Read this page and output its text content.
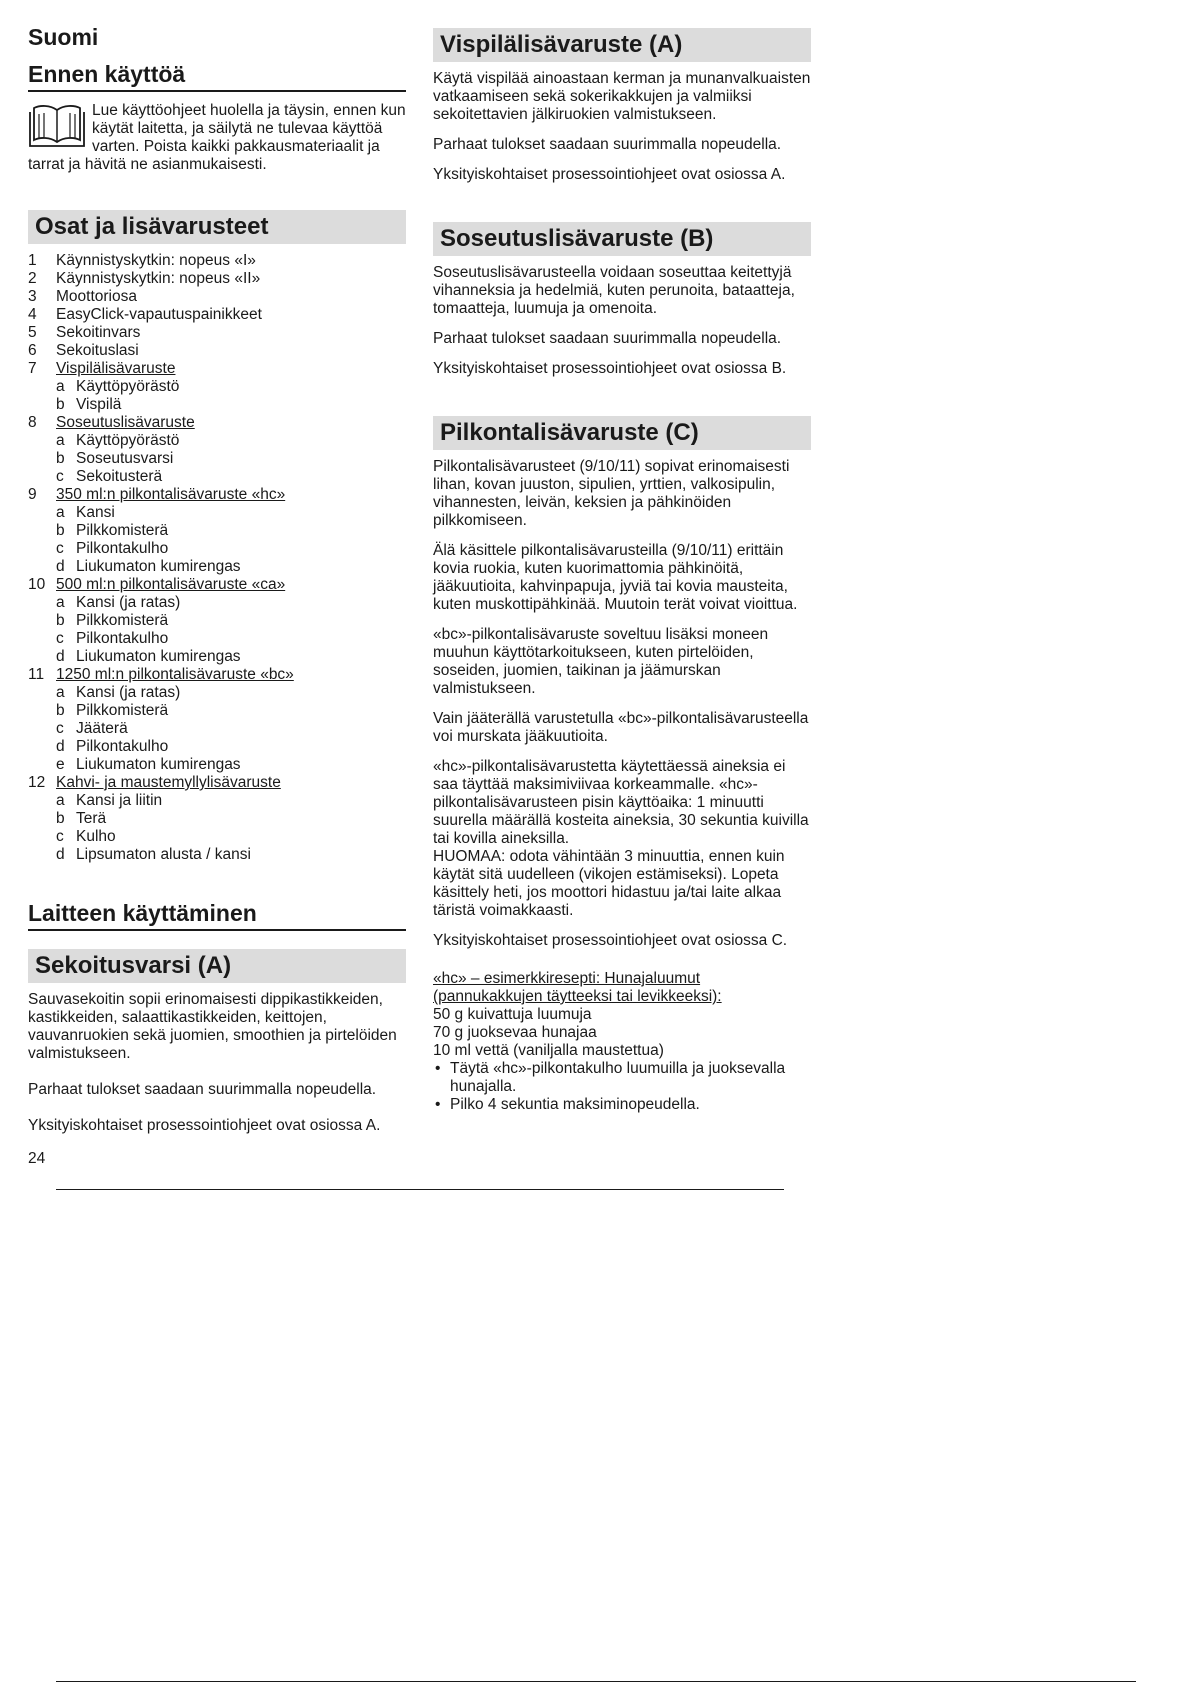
Suomi
Ennen käyttöä
Lue käyttöohjeet huolella ja täysin, ennen kun käytät laitetta, ja säilytä ne tulevaa käyttöä varten. Poista kaikki pakkausmateriaalit ja tarrat ja hävitä ne asianmukaisesti.
Osat ja lisävarusteet
1	Käynnistyskytkin: nopeus «I»
2	Käynnistyskytkin: nopeus «II»
3	Moottoriosa
4	EasyClick-vapautuspainikkeet
5	Sekoitinvars
6	Sekoituslasi
7	Vispilälisävaruste
a Käyttöpyörästö
b Vispilä
8	Soseutuslisävaruste
a Käyttöpyörästö
b Soseutusvarsi
c Sekoitusterä
9	350 ml:n pilkontalisävaruste «hc»
a Kansi
b Pilkkomisterä
c Pilkontakulho
d Liukumaton kumirengas
10 500 ml:n pilkontalisävaruste «ca»
a Kansi (ja ratas)
b Pilkkomisterä
c Pilkontakulho
d Liukumaton kumirengas
11 1250 ml:n pilkontalisävaruste «bc»
a Kansi (ja ratas)
b Pilkkomisterä
c Jääterä
d Pilkontakulho
e Liukumaton kumirengas
12 Kahvi- ja maustemyllylisävaruste
a Kansi ja liitin
b Terä
c Kulho
d Lipsumaton alusta / kansi
Laitteen käyttäminen
Sekoitusvarsi (A)

Sauvasekoitin sopii erinomaisesti dippikastikkeiden, kastikkeiden, salaattikastikkeiden, keittojen, vauvanruokien sekä juomien, smoothien ja pirtelöiden valmistukseen.

Parhaat tulokset saadaan suurimmalla nopeudella.

Yksityiskohtaiset prosessointiohjeet ovat osiossa A.

24
Vispilälisävaruste (A)

Käytä vispilää ainoastaan kerman ja munanvalkuaisten vatkaamiseen sekä sokerikakkujen ja valmiiksi sekoitettavien jälkiruokien valmistukseen.

Parhaat tulokset saadaan suurimmalla nopeudella.

Yksityiskohtaiset prosessointiohjeet ovat osiossa A.

Soseutuslisävaruste (B)

Soseutuslisävarusteella voidaan soseuttaa keitettyjä vihanneksia ja hedelmiä, kuten perunoita, bataatteja, tomaatteja, luumuja ja omenoita.

Parhaat tulokset saadaan suurimmalla nopeudella.

Yksityiskohtaiset prosessointiohjeet ovat osiossa B.

Pilkontalisävaruste (C)

Pilkontalisävarusteet (9/10/11) sopivat erinomaisesti lihan, kovan juuston, sipulien, yrttien, valkosipulin, vihannesten, leivän, keksien ja pähkinöiden pilkkomiseen.

Älä käsittele pilkontalisävarusteilla (9/10/11) erittäin kovia ruokia, kuten kuorimattomia pähkinöitä, jääkuutioita, kahvinpapuja, jyviä tai kovia mausteita, kuten muskottipähkinää. Muutoin terät voivat vioittua.

«bc»-pilkontalisävaruste soveltuu lisäksi moneen muuhun käyttötarkoitukseen, kuten pirtelöiden, soseiden, juomien, taikinan ja jäämurskan valmistukseen.

Vain jääterällä varustetulla «bc»-pilkontalisävarusteella voi murskata jääkuutioita.

«hc»-pilkontalisävarustetta käytettäessä aineksia ei saa täyttää maksimiviivaa korkeammalle. «hc»-pilkontalisävarusteen pisin käyttöaika: 1 minuutti suurella määrällä kosteita aineksia, 30 sekuntia kuivilla tai kovilla aineksilla.

HUOMAA: odota vähintään 3 minuuttia, ennen kuin käytät sitä uudelleen (vikojen estämiseksi). Lopeta käsittely heti, jos moottori hidastuu ja/tai laite alkaa täristä voimakkaasti.

Yksityiskohtaiset prosessointiohjeet ovat osiossa C.

«hc» – esimerkkiresepti: Hunajaluumut
(pannukakkujen täytteeksi tai levikkeeksi):
50 g kuivattuja luumuja
70 g juoksevaa hunajaa
10 ml vettä (vaniljalla maustettua)
• Täytä «hc»-pilkontakulho luumuilla ja juoksevalla hunajalla.
• Pilko 4 sekuntia maksiminopeudella.
